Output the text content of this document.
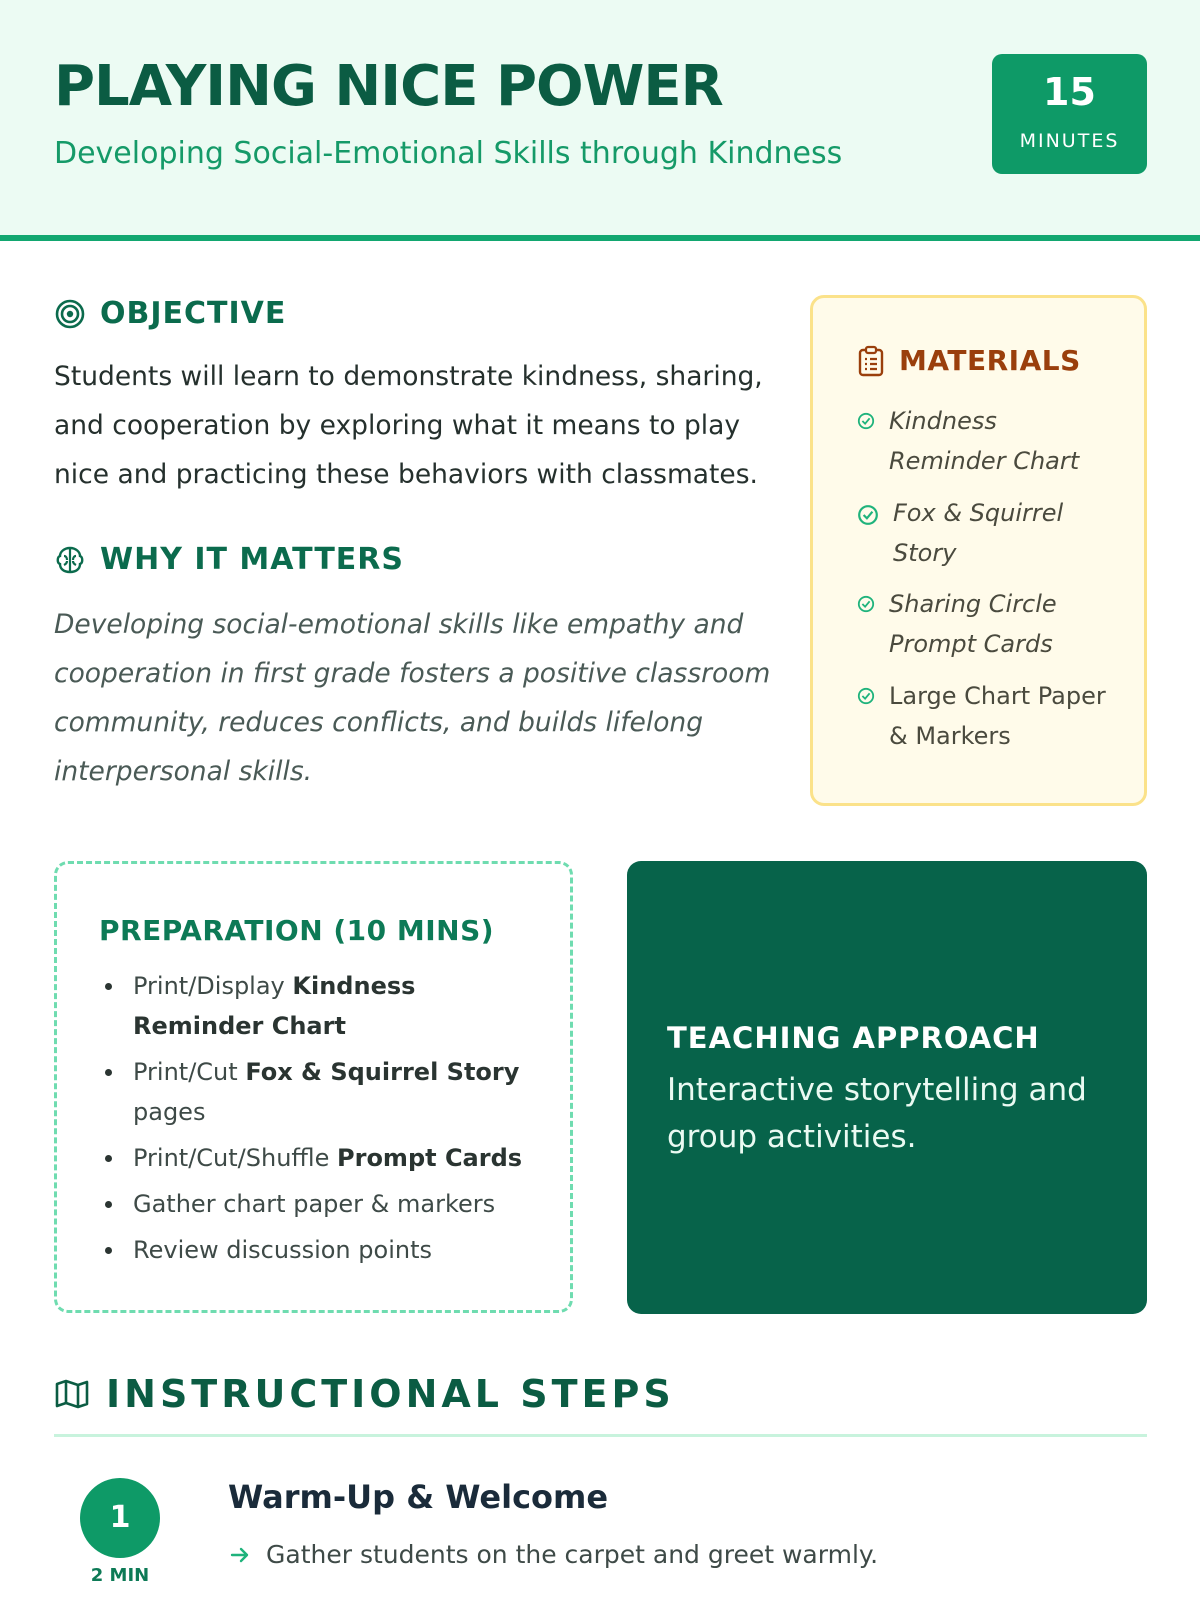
PLAYING NICE POWER
Developing Social-Emotional Skills through Kindness
15
MINUTES
OBJECTIVE
Students will learn to demonstrate kindness, sharing, and cooperation by exploring what it means to play nice and practicing these behaviors with classmates.
WHY IT MATTERS
Developing social-emotional skills like empathy and cooperation in first grade fosters a positive classroom community, reduces conflicts, and builds lifelong interpersonal skills.
MATERIALS
Kindness Reminder Chart
Fox & Squirrel Story
Sharing Circle Prompt Cards
Large Chart Paper & Markers
PREPARATION (10 MINS)
Print/Display Kindness Reminder Chart
Print/Cut Fox & Squirrel Story pages
Print/Cut/Shuffle Prompt Cards
Gather chart paper & markers
Review discussion points
TEACHING APPROACH
Interactive storytelling and group activities.
INSTRUCTIONAL STEPS
1
2 MIN
Warm-Up & Welcome
Gather students on the carpet and greet warmly.
